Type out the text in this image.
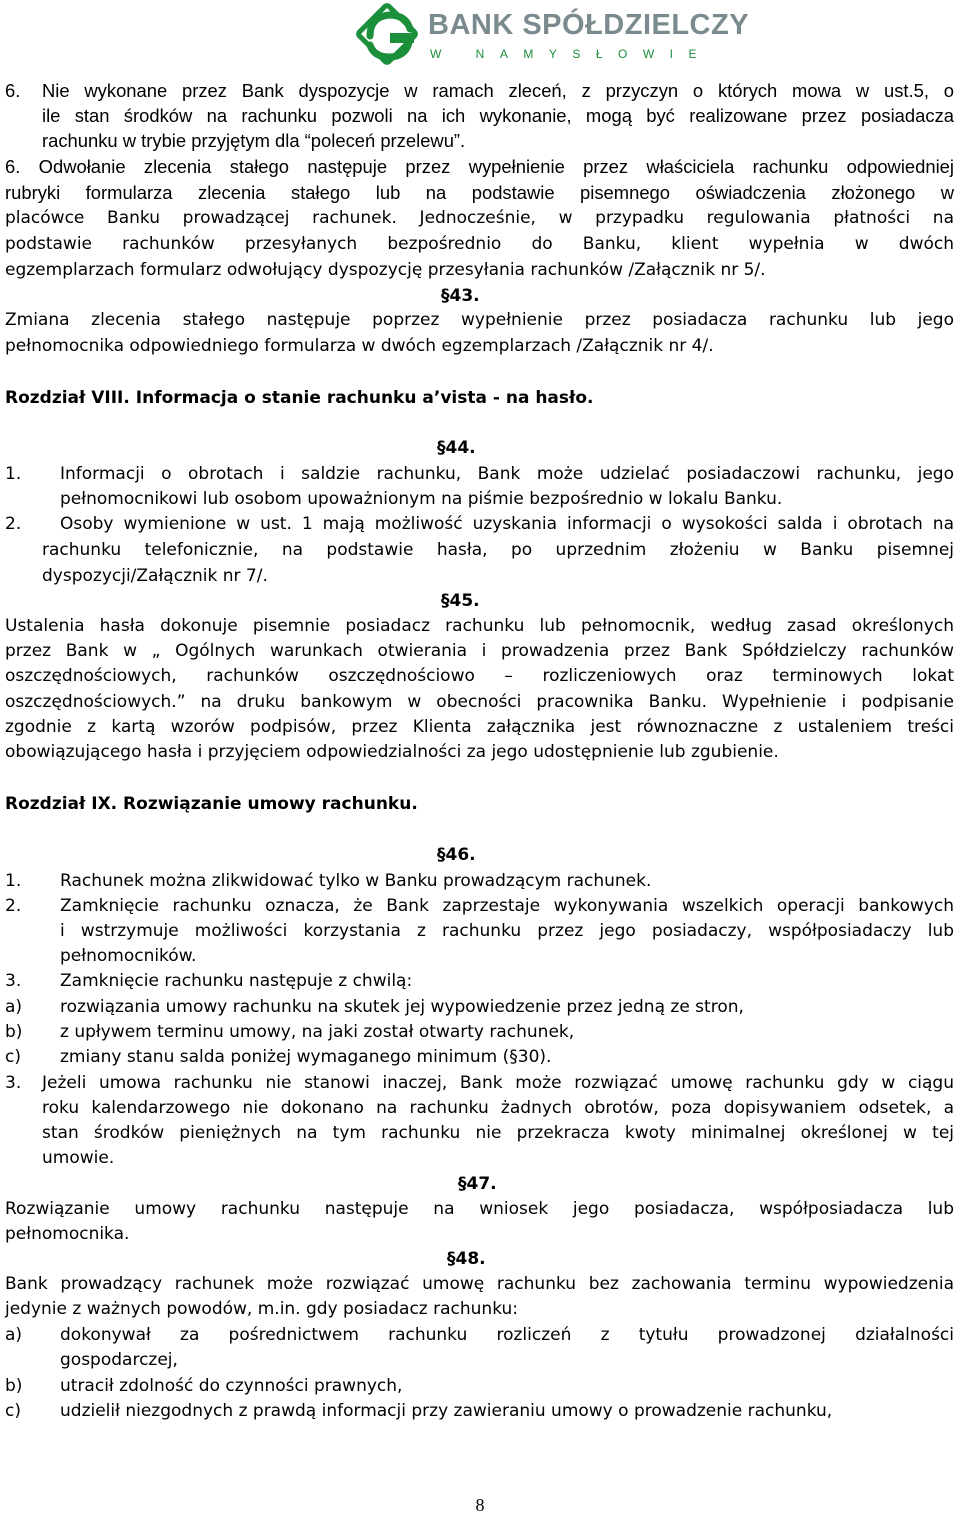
BANK SPÓŁDZIELCZY
W NAMYSŁOWIE
6. Nie wykonane przez Bank dyspozycje w ramach zleceń, z przyczyn o których mowa w ust.5, o
ile stan środków na rachunku pozwoli na ich wykonanie, mogą być realizowane przez posiadacza
rachunku w trybie przyjętym dla “poleceń przelewu”.
6. Odwołanie zlecenia stałego następuje przez wypełnienie przez właściciela rachunku odpowiedniej
rubryki formularza zlecenia stałego lub na podstawie pisemnego oświadczenia złożonego w
placówce Banku prowadzącej rachunek. Jednocześnie, w przypadku regulowania płatności na
podstawie rachunków przesyłanych bezpośrednio do Banku, klient wypełnia w dwóch
egzemplarzach formularz odwołujący dyspozycję przesyłania rachunków /Załącznik nr 5/.
Zmiana zlecenia stałego następuje poprzez wypełnienie przez posiadacza rachunku lub jego
pełnomocnika odpowiedniego formularza w dwóch egzemplarzach /Załącznik nr 4/.
Rozdział VIII. Informacja o stanie rachunku a’vista - na hasło.
Informacji o obrotach i saldzie rachunku, Bank może udzielać posiadaczowi rachunku, jego
pełnomocnikowi lub osobom upoważnionym na piśmie bezpośrednio w lokalu Banku.
Osoby wymienione w ust. 1 mają możliwość uzyskania informacji o wysokości salda i obrotach na
rachunku telefonicznie, na podstawie hasła, po uprzednim złożeniu w Banku pisemnej
dyspozycji/Załącznik nr 7/.
Ustalenia hasła dokonuje pisemnie posiadacz rachunku lub pełnomocnik, według zasad określonych
przez Bank w „ Ogólnych warunkach otwierania i prowadzenia przez Bank Spółdzielczy rachunków
oszczędnościowych, rachunków oszczędnościowo – rozliczeniowych oraz terminowych lokat
oszczędnościowych.” na druku bankowym w obecności pracownika Banku. Wypełnienie i podpisanie
zgodnie z kartą wzorów podpisów, przez Klienta załącznika jest równoznaczne z ustaleniem treści
obowiązującego hasła i przyjęciem odpowiedzialności za jego udostępnienie lub zgubienie.
Rozdział IX. Rozwiązanie umowy rachunku.
Rachunek można zlikwidować tylko w Banku prowadzącym rachunek.
Zamknięcie rachunku oznacza, że Bank zaprzestaje wykonywania wszelkich operacji bankowych
i wstrzymuje możliwości korzystania z rachunku przez jego posiadaczy, współposiadaczy lub
pełnomocników.
Zamknięcie rachunku następuje z chwilą:
rozwiązania umowy rachunku na skutek jej wypowiedzenie przez jedną ze stron,
z upływem terminu umowy, na jaki został otwarty rachunek,
zmiany stanu salda poniżej wymaganego minimum (§30).
Jeżeli umowa rachunku nie stanowi inaczej, Bank może rozwiązać umowę rachunku gdy w ciągu
roku kalendarzowego nie dokonano na rachunku żadnych obrotów, poza dopisywaniem odsetek, a
stan środków pieniężnych na tym rachunku nie przekracza kwoty minimalnej określonej w tej
umowie.
Rozwiązanie umowy rachunku następuje na wniosek jego posiadacza, współposiadacza lub
pełnomocnika.
Bank prowadzący rachunek może rozwiązać umowę rachunku bez zachowania terminu wypowiedzenia
jedynie z ważnych powodów, m.in. gdy posiadacz rachunku:
dokonywał za pośrednictwem rachunku rozliczeń z tytułu prowadzonej działalności
gospodarczej,
utracił zdolność do czynności prawnych,
udzielił niezgodnych z prawdą informacji przy zawieraniu umowy o prowadzenie rachunku,
1.
2.
1.
2.
3.
a)
b)
c)
3.
a)
b)
c)
§43.
§44.
§45.
§46.
§47.
§48.
8
